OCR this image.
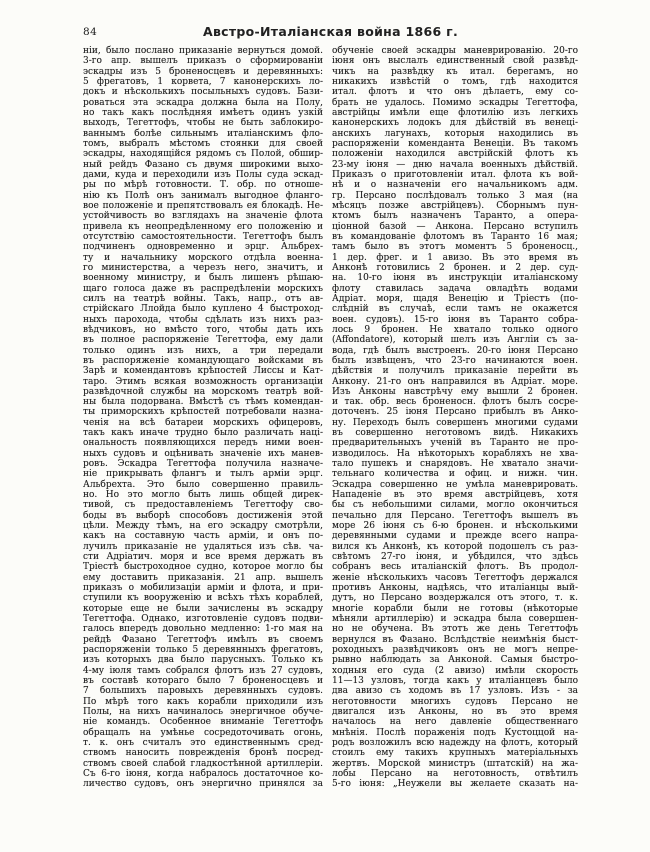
84	Австро-Италіанская война 1866 г.
ніи, было послано приказаніе вернуться домой.
3-го апр. вышелъ приказъ о сформированіи
эскадры изъ 5 броненосцевъ и деревянныхъ:
5 фрегатовъ, 1 корвета, 7 канонерскихъ ло-
докъ и нѣсколькихъ посыльныхъ судовъ. Бази-
роваться эта эскадра должна была на Полу,
но такъ какъ послѣдняя имѣетъ одинъ узкій
выходъ, Тегеттофъ, чтобы не быть заблокиро-
ваннымъ болѣе сильнымъ италіанскимъ фло-
томъ, выбралъ мѣстомъ стоянки для своей
эскадры, находящійся рядомъ съ Полой, обшир-
ный рейдъ Фазано съ двумя широкими выхо-
дами, куда и переходили изъ Полы суда эскад-
ры по мѣрѣ готовности. Т. обр. по отноше-
нію къ Полѣ онъ занималъ выгодное фланго-
вое положеніе и препятствовалъ ея блокадѣ. Не-
устойчивость во взглядахъ на значеніе флота
привела къ неопредѣленному его положенію и
отсутствію самостоятельности. Тегеттофъ былъ
подчиненъ одновременно и эрцг. Альбрех-
ту и начальнику морского отдѣла военна-
го министерства, а черезъ него, значитъ, и
военному министру, и былъ лишенъ рѣшаю-
щаго голоса даже въ распредѣленіи морскихъ
силъ на театрѣ войны. Такъ, напр., отъ ав-
стрійскаго Ллойда было куплено 4 быстроход-
ныхъ парохода, чтобы сдѣлать изъ нихъ раз-
вѣдчиковъ, но вмѣсто того, чтобы дать ихъ
въ полное распоряженіе Тегеттофа, ему дали
только одинъ изъ нихъ, а три передали
въ распоряженіе командующаго войсками въ
Зарѣ и комендантовъ крѣпостей Лиссы и Кат-
таро. Этимъ всякая возможность организаціи
развѣдочной службы на морскомъ театрѣ вой-
ны была подорвана. Вмѣстѣ съ тѣмъ комендан-
ты приморскихъ крѣпостей потребовали назна-
ченія на всѣ батареи морскихъ офицеровъ,
такъ какъ иначе трудно было различать наці-
ональность появляющихся передъ ними воен-
ныхъ судовъ и оцѣнивать значеніе ихъ манев-
ровъ. Эскадра Тегеттофа получила назначе-
ніе прикрывать флангъ и тылъ арміи эрцг.
Альбрехта. Это было совершенно правиль-
но. Но это могло быть лишь общей дирек-
тивой, съ предоставленіемъ Тегеттофу сво-
боды въ выборѣ способовъ достиженія этой
цѣли. Между тѣмъ, на его эскадру смотрѣли,
какъ на составную часть арміи, и онъ по-
лучилъ приказаніе не удаляться изъ сѣв. ча-
сти Адріатич. моря и все время держать въ
Тріестѣ быстроходное судно, которое могло бы
ему доставить приказанія. 21 апр. вышелъ
приказъ о мобилизаціи арміи и флота, и при-
ступили къ вооруженію и всѣхъ тѣхъ кораблей,
которые еще не были зачислены въ эскадру
Тегеттофа. Однако, изготовленіе судовъ подви-
галось впередъ довольно медленно: 1-го мая на
рейдѣ Фазано Тегеттофъ имѣлъ въ своемъ
распоряженіи только 5 деревянныхъ фрегатовъ,
изъ которыхъ два было парусныхъ. Только къ
4-му іюля тамъ собрался флотъ изъ 27 судовъ,
въ составѣ котораго было 7 броненосцевъ и
7 большихъ паровыхъ деревянныхъ судовъ.
По мѣрѣ того какъ корабли приходили изъ
Полы, на нихъ начиналось энергичное обуче-
ніе командъ. Особенное вниманіе Тегеттофъ
обращалъ на умѣнье сосредоточивать огонь,
т. к. онъ считалъ это единственнымъ сред-
ствомъ наносить поврежденія бронѣ посред-
ствомъ своей слабой гладкостѣнной артиллеріи.
Съ 6-го іюня, когда набралось достаточное ко-
личество судовъ, онъ энергично принялся за
обученіе своей эскадры маневрированію. 20-го
іюня онъ выслалъ единственный свой развѣд-
чикъ на развѣдку къ итал. берегамъ, но
никакихъ извѣстій о томъ, гдѣ находится
итал. флотъ и что онъ дѣлаетъ, ему со-
брать не удалось. Помимо эскадры Тегеттофа,
австрійцы имѣли еще флотилію изъ легкихъ
канонерскихъ лодокъ для дѣйствій въ венеці-
анскихъ лагунахъ, которыя находились въ
распоряженіи коменданта Венеціи. Въ такомъ
положеніи находился австрійскій флотъ къ
23-му іюня — дню начала военныхъ дѣйствій.
Приказъ о приготовленіи итал. флота къ вой-
нѣ и о назначеніи его начальникомъ адм.
гр. Персано послѣдовалъ только 3 мая (на
мѣсяцъ позже австрійцевъ). Сборнымъ пун-
ктомъ былъ назначенъ Таранто, а опера-
ціонной базой — Анкона. Персано вступилъ
въ командованіе флотомъ въ Таранто 16 мая;
тамъ было въ этотъ моментъ 5 броненосц.,
1 дер. фрег. и 1 авизо. Въ это время въ
Анконѣ готовились 2 бронен. и 2 дер. суд-
на. 10-го іюня въ инструкціи италіанскому
флоту ставилась задача овладѣть водами
Адріат. моря, щадя Венецію и Тріестъ (по-
слѣдній въ случаѣ, если тамъ не окажется
воен. судовъ). 15-го іюня въ Таранто собра-
лось 9 бронен. Не хватало только одного
(Affondatore), который шелъ изъ Англіи съ за-
вода, гдѣ былъ выстроенъ. 20-го іюня Персано
былъ извѣщенъ, что 23-го начинаются воен.
дѣйствія и получилъ приказаніе перейти въ
Анкону. 21-го онъ направился въ Адріат. море.
Изъ Анконы навстрѣчу ему вышли 2 бронен.
и так. обр. весь броненосн. флотъ былъ сосре-
доточенъ. 25 іюня Персано прибылъ въ Анко-
ну. Переходъ былъ совершенъ многими судами
въ совершенно неготовомъ видѣ. Никакихъ
предварительныхъ ученій въ Таранто не про-
изводилось. На нѣкоторыхъ корабляхъ не хва-
тало пушекъ и снарядовъ. Не хватало значи-
тельнаго количества и офиц. и нижн. чин.
Эскадра совершенно не умѣла маневрировать.
Нападеніе въ это время австрійцевъ, хотя
бы съ небольшими силами, могло окончиться
печально для Персано. Тегеттофъ вышелъ въ
море 26 іюня съ 6-ю бронен. и нѣсколькими
деревянными судами и прежде всего напра-
вился къ Анконѣ, къ которой подошелъ съ раз-
свѣтомъ 27-го іюня, и убѣдился, что здѣсь
собранъ весь италіанскій флотъ. Въ продол-
женіе нѣсколькихъ часовъ Тегеттофъ держался
противъ Анконы, надѣясь, что италіанцы вый-
дутъ, но Персано воздержался отъ этого, т. к.
многіе корабли были не готовы (нѣкоторые
мѣняли артиллерію) и эскадра была совершен-
но не обучена. Въ этотъ же день Тегеттофъ
вернулся въ Фазано. Вслѣдствіе неимѣнія быст-
роходныхъ развѣдчиковъ онъ не могъ непре-
рывно наблюдать за Анконой. Самыя быстро-
ходныя его суда (2 авизо) имѣли скорость
11—13 узловъ, тогда какъ у италіанцевъ было
два авизо съ ходомъ въ 17 узловъ. Изъ - за
неготовности многихъ судовъ Персано не
двигался изъ Анконы, но въ это время
началось на него давленіе общественнаго
мнѣнія. Послѣ пораженія подъ Кустоццой на-
родъ возложилъ всю надежду на флотъ, который
стоилъ ему такихъ крупныхъ матеріальныхъ
жертвъ. Морской министръ (штатскій) на жа-
лобы Персано на неготовность, отвѣтилъ
5-го іюня: „Неужели вы желаете сказать на-
